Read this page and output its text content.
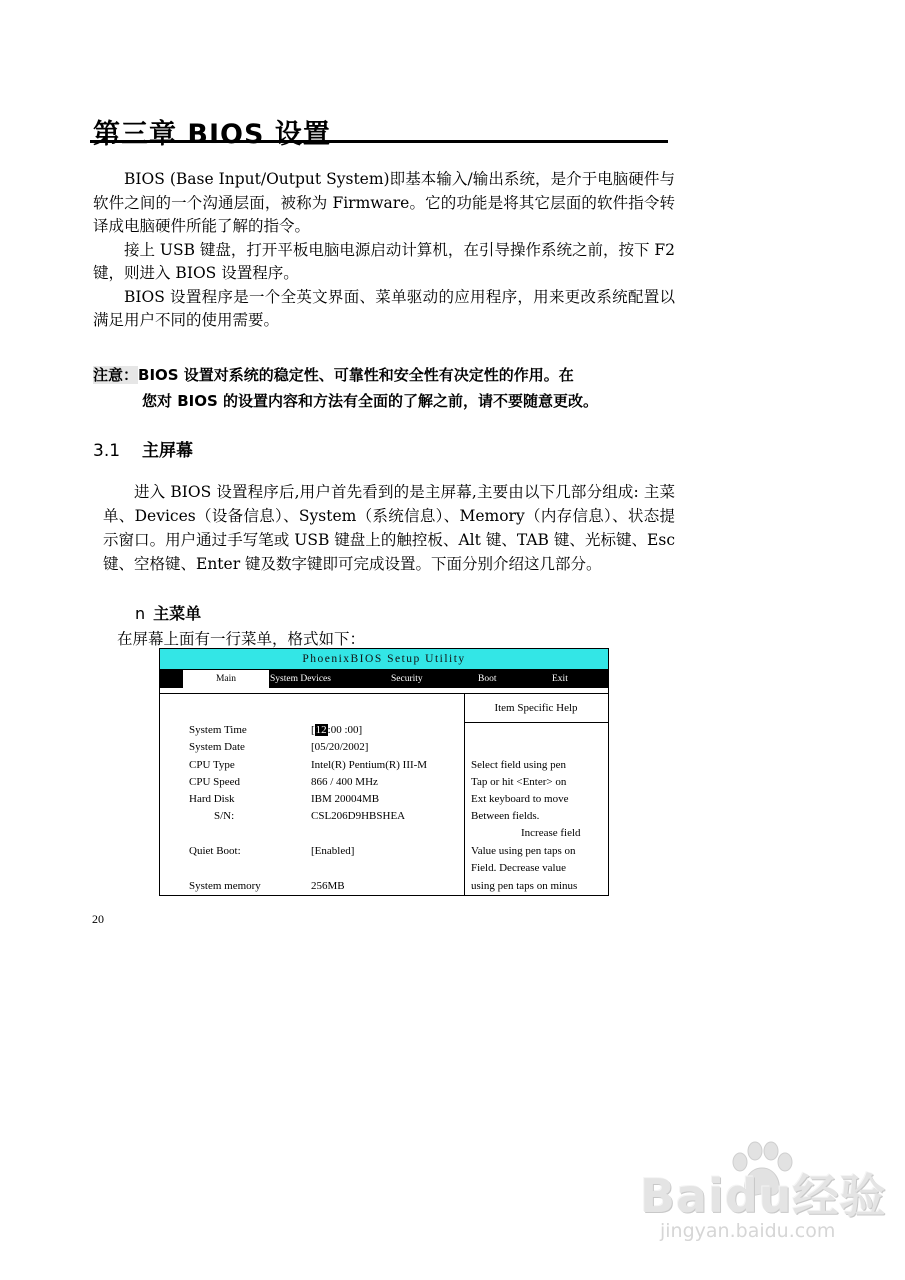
第三章 BIOS 设置

BIOS (Base Input/Output System)即基本输入/输出系统，是介于电脑硬件与软件之间的一个沟通层面，被称为 Firmware。它的功能是将其它层面的软件指令转译成电脑硬件所能了解的指令。

接上 USB 键盘，打开平板电脑电源启动计算机，在引导操作系统之前，按下 F2 键，则进入 BIOS 设置程序。

BIOS 设置程序是一个全英文界面、菜单驱动的应用程序，用来更改系统配置以满足用户不同的使用需要。

注意：BIOS 设置对系统的稳定性、可靠性和安全性有决定性的作用。在
您对 BIOS 的设置内容和方法有全面的了解之前，请不要随意更改。
3.1 主屏幕

进入 BIOS 设置程序后,用户首先看到的是主屏幕,主要由以下几部分组成: 主菜单、Devices（设备信息）、System（系统信息）、Memory（内存信息）、状态提示窗口。用户通过手写笔或 USB 键盘上的触控板、Alt 键、TAB 键、光标键、Esc 键、空格键、Enter 键及数字键即可完成设置。下面分别介绍这几部分。

n 主菜单
在屏幕上面有一行菜单，格式如下：
PhoenixBIOS Setup Utility
Main	System Devices	Security	Boot	Exit
Item Specific Help
System Time	[12:00 :00]
System Date	[05/20/2002]
CPU Type	Intel(R) Pentium(R) III-M
CPU Speed	866 / 400 MHz
Hard Disk	IBM 20004MB
S/N:	CSL206D9HBSHEA
Quiet Boot:	[Enabled]
System memory	256MB
Select field using pen
Tap or hit <Enter> on
Ext keyboard to move
Between fields.
Increase field
Value using pen taps on
Field. Decrease value
using pen taps on minus
20
Baidu经验
jingyan.baidu.com
